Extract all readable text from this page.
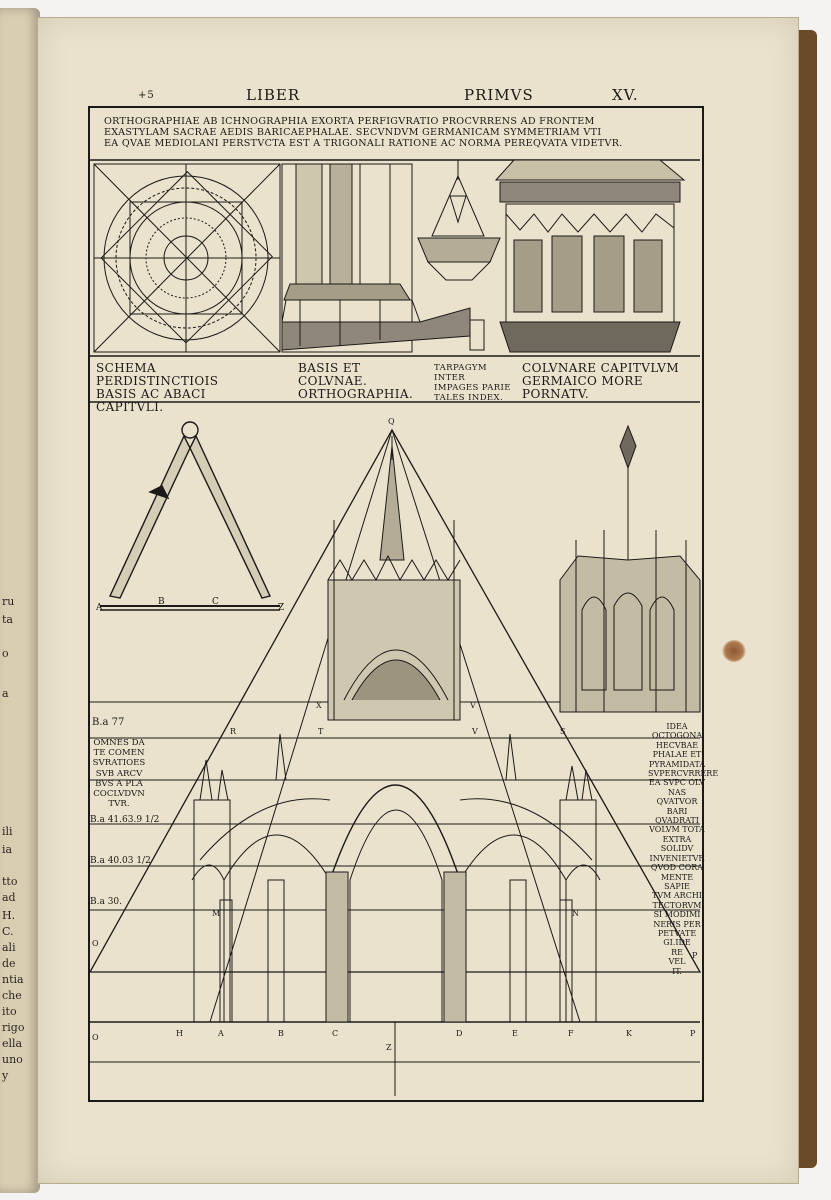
ru
ta
o
a
ili
ia
tto
ad
H.
C.
ali
de
ntia
che
ito
rigo
ella
uno
y
+5	LIBER	PRIMVS	XV.
ORTHOGRAPHIAE AB ICHNOGRAPHIA EXORTA PERFIGVRATIO PROCVRRENS AD FRONTEM
EXASTYLAM SACRAE AEDIS BARICAEPHALAE. SECVNDVM GERMANICAM SYMMETRIAM VTI
EA QVAE MEDIOLANI PERSTVCTA EST A TRIGONALI RATIONE AC NORMA PEREQVATA VIDETVR.
SCHEMA PERDISTINCTIOIS
BASIS AC ABACI CAPITVLI.
BASIS ET COLVNAE.
ORTHOGRAPHIA.
TARPAGYM INTER
IMPAGES PARIE
TALES INDEX.
COLVNARE CAPITVLVM
GERMAICO MORE PORNATV.
B.a 77
OMNES DA
TE COMEN
SVRATIOES
SVB ARCV
BVS A PLA
COCLVDVN
TVR.
B.a 41.63.9 1/2
B.a 40.03 1/2
B.a 30.
IDEA
OCTOGONA
HECVBAE
PHALAE ET
PYRAMIDATA
SVPERCVRRERE
EA SVPC OLV
NAS QVATVOR
BARI QVADRATI
VOLVM TOTA
EXTRA SOLIDV
INVENIETVR
QVOD CORA
MENTE SAPIE
TVM ARCHI
TECTORVM
SI MODIMI
NERIS PER
PETVATE
GI.IDE
RE
VEL
IT.
A
B	C
Z
Q
X	V
R	T	V	S
M	N
O
P
O	H	A	B	C	D	E	F	K	P
Z
